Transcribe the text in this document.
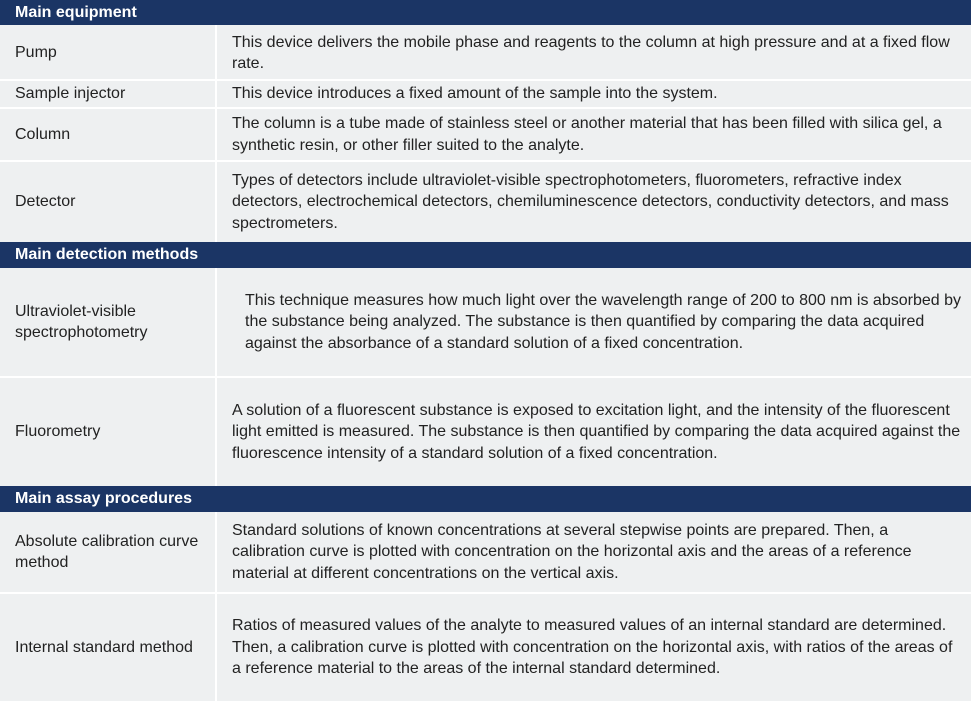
Main equipment
Pump
This device delivers the mobile phase and reagents to the column at high pressure and at a fixed flow rate.
Sample injector	This device introduces a fixed amount of the sample into the system.
Column
The column is a tube made of stainless steel or another material that has been filled with silica gel, a synthetic resin, or other filler suited to the analyte.
Detector
Types of detectors include ultraviolet-visible spectrophotometers, fluorometers, refractive index detectors, electrochemical detectors, chemiluminescence detectors, conductivity detectors, and mass spectrometers.
Main detection methods
Ultraviolet-visible spectrophotometry
This technique measures how much light over the wavelength range of 200 to 800 nm is absorbed by the substance being analyzed. The substance is then quantified by comparing the data acquired against the absorbance of a standard solution of a fixed concentration.
Fluorometry
A solution of a fluorescent substance is exposed to excitation light, and the intensity of the fluorescent light emitted is measured. The substance is then quantified by comparing the data acquired against the fluorescence intensity of a standard solution of a fixed concentration.
Main assay procedures
Absolute calibration curve method
Standard solutions of known concentrations at several stepwise points are prepared. Then, a calibration curve is plotted with concentration on the horizontal axis and the areas of a reference material at different concentrations on the vertical axis.
Internal standard method
Ratios of measured values of the analyte to measured values of an internal standard are determined. Then, a calibration curve is plotted with concentration on the horizontal axis, with ratios of the areas of a reference material to the areas of the internal standard determined.
